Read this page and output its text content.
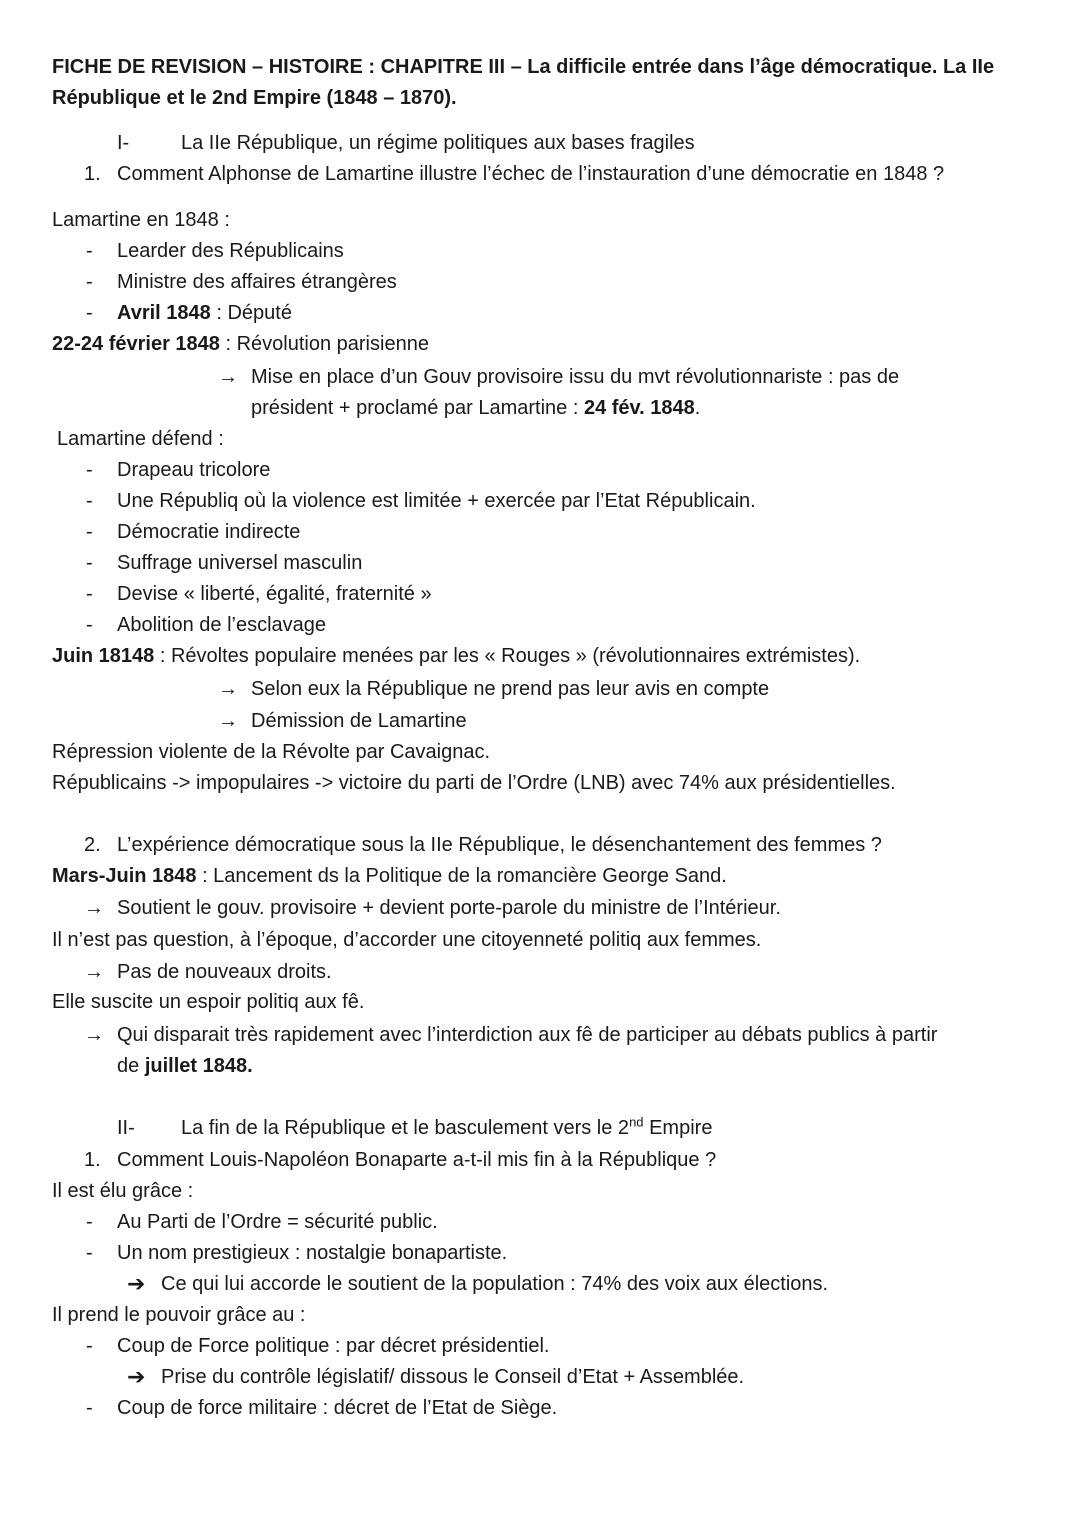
FICHE DE REVISION – HISTOIRE : CHAPITRE III – La difficile entrée dans l’âge démocratique. La IIe
République et le 2nd Empire (1848 – 1870).
I-	La IIe République, un régime politiques aux bases fragiles
1. Comment Alphonse de Lamartine illustre l’échec de l’instauration d’une démocratie en 1848 ?
Lamartine en 1848 :
- Learder des Républicains
- Ministre des affaires étrangères
- Avril 1848 : Député
22-24 février 1848 : Révolution parisienne
→ Mise en place d’un Gouv provisoire issu du mvt révolutionnariste : pas de
président + proclamé par Lamartine : 24 fév. 1848.
Lamartine défend :
- Drapeau tricolore
- Une Républiq où la violence est limitée + exercée par l’Etat Républicain.
- Démocratie indirecte
- Suffrage universel masculin
- Devise « liberté, égalité, fraternité »
- Abolition de l’esclavage
Juin 18148 : Révoltes populaire menées par les « Rouges » (révolutionnaires extrémistes).
→ Selon eux la République ne prend pas leur avis en compte
→ Démission de Lamartine
Répression violente de la Révolte par Cavaignac.
Républicains -> impopulaires -> victoire du parti de l’Ordre (LNB) avec 74% aux présidentielles.
2. L’expérience démocratique sous la IIe République, le désenchantement des femmes ?
Mars-Juin 1848 : Lancement ds la Politique de la romancière George Sand.
→ Soutient le gouv. provisoire + devient porte-parole du ministre de l’Intérieur.
Il n’est pas question, à l’époque, d’accorder une citoyenneté politiq aux femmes.
→ Pas de nouveaux droits.
Elle suscite un espoir politiq aux fê.
→ Qui disparait très rapidement avec l’interdiction aux fê de participer au débats publics à partir
de juillet 1848.
II- La fin de la République et le basculement vers le 2nd Empire
1. Comment Louis-Napoléon Bonaparte a-t-il mis fin à la République ?
Il est élu grâce :
- Au Parti de l’Ordre = sécurité public.
- Un nom prestigieux : nostalgie bonapartiste.
➔ Ce qui lui accorde le soutient de la population : 74% des voix aux élections.
Il prend le pouvoir grâce au :
- Coup de Force politique : par décret présidentiel.
➔ Prise du contrôle législatif/ dissous le Conseil d’Etat + Assemblée.
- Coup de force militaire : décret de l’Etat de Siège.
